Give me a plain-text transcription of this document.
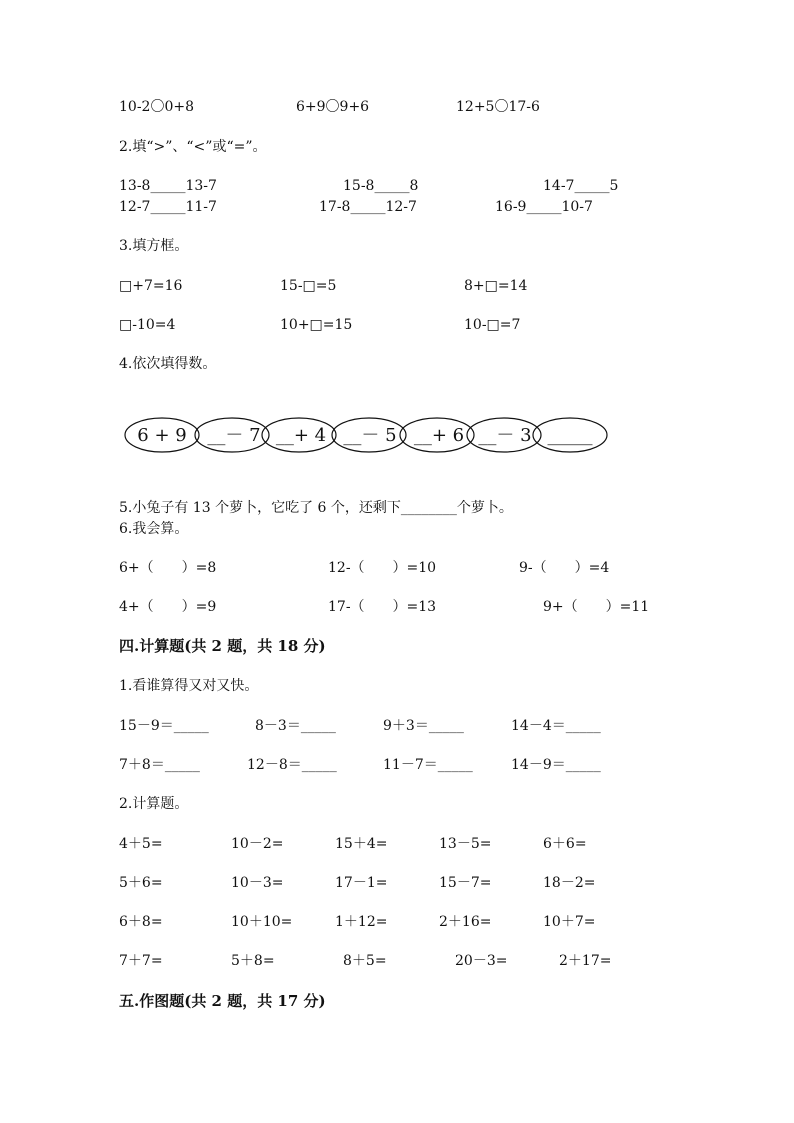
10-2〇0+8	6+9〇9+6	12+5〇17-6
2.填“>”、“<”或“=”。
13-8_____13-7	15-8_____8	14-7_____5
12-7_____11-7	17-8_____12-7	16-9_____10-7
3.填方框。
□+7=16	15-□=5	8+□=14
□-10=4	10+□=15	10-□=7
4.依次填得数。
6 + 9 __－ 7 __+ 4 __－ 5 __+ 6 __－ 3 _____
5.小兔子有 13 个萝卜，它吃了 6 个，还剩下________个萝卜。
6.我会算。
6+（　　）=8	12-（　　）=10	9-（　　）=4
4+（　　）=9	17-（　　）=13	9+（　　）=11
四.计算题(共 2 题，共 18 分)
1.看谁算得又对又快。
15－9＝_____	8－3＝_____	9＋3＝_____	14－4＝_____
7＋8＝_____	12－8＝_____	11－7＝_____	14－9＝_____
2.计算题。
4＋5=	10－2=	15＋4=	13－5=	6＋6=
5＋6=	10－3=	17－1=	15－7=	18－2=
6＋8=	10＋10=	1＋12=	2＋16=	10＋7=
7＋7=	5＋8=	8＋5=	20－3=	2＋17=
五.作图题(共 2 题，共 17 分)
